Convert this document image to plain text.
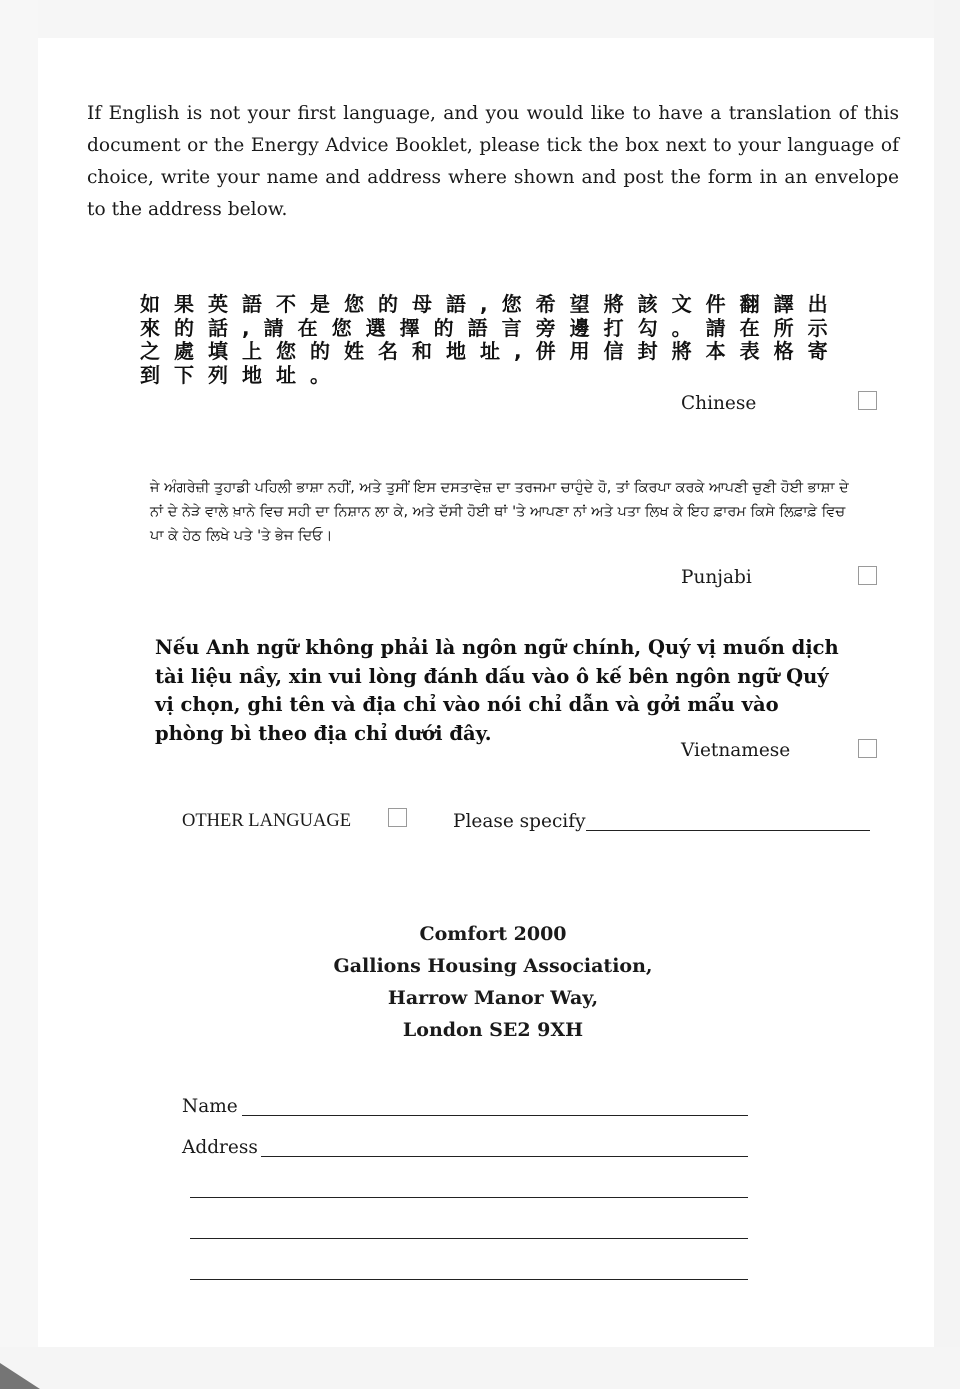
If English is not your first language, and you would like to have a translation of this document or the Energy Advice Booklet, please tick the box next to your language of choice, write your name and address where shown and post the form in an envelope to the address below.

如果英語不是您的母語,您希望將該文件翻譯出來的話,請在您選擇的語言旁邊打勾。請在所示之處填上您的姓名和地址,併用信封將本表格寄到下列地址。

Chinese

ਜੇ ਅੰਗਰੇਜ਼ੀ ਤੁਹਾਡੀ ਪਹਿਲੀ ਭਾਸ਼ਾ ਨਹੀਂ, ਅਤੇ ਤੁਸੀਂ ਇਸ ਦਸਤਾਵੇਜ਼ ਦਾ ਤਰਜਮਾ ਚਾਹੁੰਦੇ ਹੋ, ਤਾਂ ਕਿਰਪਾ ਕਰਕੇ ਆਪਣੀ ਚੁਣੀ ਹੋਈ ਭਾਸ਼ਾ ਦੇ ਨਾਂ ਦੇ ਨੇੜੇ ਵਾਲੇ ਖ਼ਾਨੇ ਵਿਚ ਸਹੀ ਦਾ ਨਿਸ਼ਾਨ ਲਾ ਕੇ, ਅਤੇ ਦੱਸੀ ਹੋਈ ਥਾਂ 'ਤੇ ਆਪਣਾ ਨਾਂ ਅਤੇ ਪਤਾ ਲਿਖ ਕੇ ਇਹ ਫ਼ਾਰਮ ਕਿਸੇ ਲਿਫ਼ਾਫ਼ੇ ਵਿਚ ਪਾ ਕੇ ਹੇਠ ਲਿਖੇ ਪਤੇ 'ਤੇ ਭੇਜ ਦਿਓ।

Punjabi

Nếu Anh ngữ không phải là ngôn ngữ chính, Quý vị muốn dịch tài liệu nầy, xin vui lòng đánh dấu vào ô kế bên ngôn ngữ Quý vị chọn, ghi tên và địa chỉ vào nói chỉ dẫn và gởi mẩu vào phòng bì theo địa chỉ dưới đây.

Vietnamese
OTHER LANGUAGE	Please specify
Comfort 2000
Gallions Housing Association,
Harrow Manor Way,
London SE2 9XH
Name
Address
